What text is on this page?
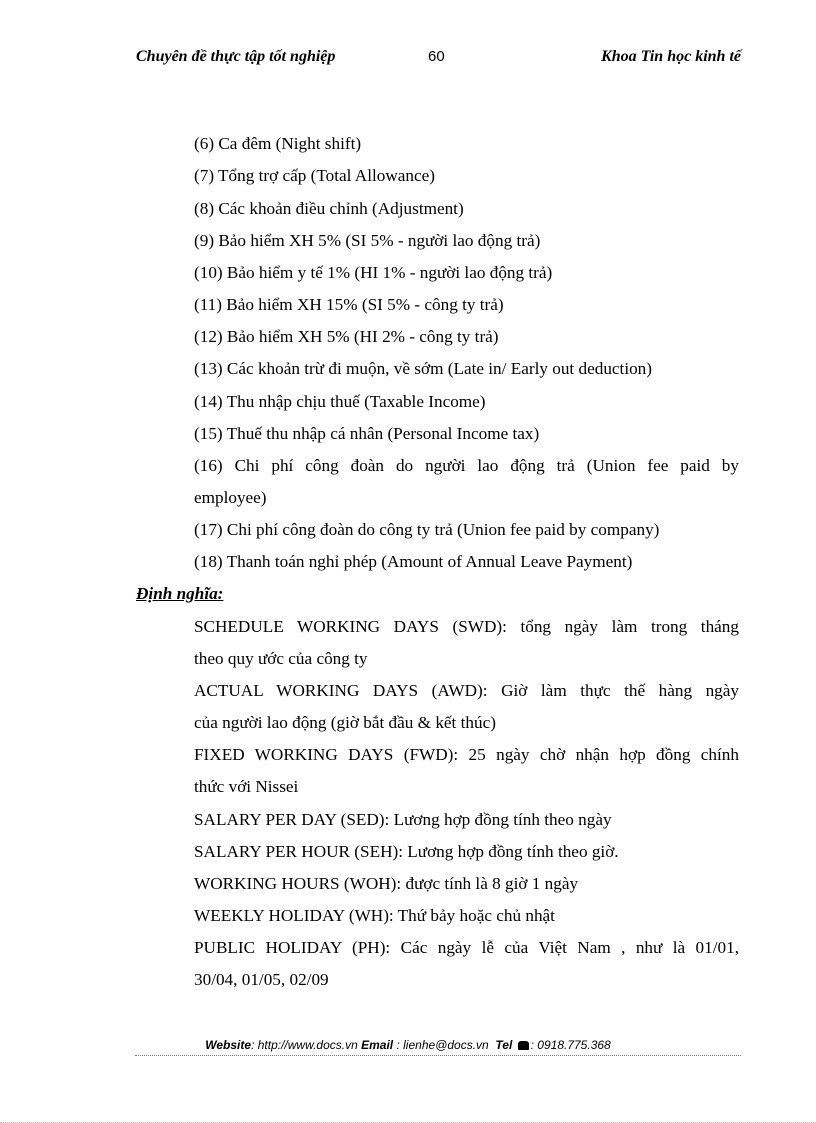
Chuyên đề thực tập tốt nghiệp	60	Khoa Tin học kinh tế
(6) Ca đêm (Night shift)
(7) Tổng trợ cấp (Total Allowance)
(8) Các khoản điều chỉnh (Adjustment)
(9) Bảo hiểm XH 5% (SI 5% - người lao động trả)
(10) Bảo hiểm y tế 1% (HI 1% - người lao động trả)
(11) Bảo hiểm XH 15% (SI 5% - công ty trả)
(12) Bảo hiểm XH 5% (HI 2% - công ty trả)
(13) Các khoản trừ đi muộn, về sớm (Late in/ Early out deduction)
(14) Thu nhập chịu thuế (Taxable Income)
(15) Thuế thu nhập cá nhân (Personal Income tax)
(16) Chi phí công đoàn do người lao động trả (Union fee paid by
employee)
(17) Chi phí công đoàn do công ty trả (Union fee paid by company)
(18) Thanh toán nghỉ phép (Amount of Annual Leave Payment)
Định nghĩa:
SCHEDULE WORKING DAYS (SWD): tổng ngày làm trong tháng
theo quy ước của công ty
ACTUAL WORKING DAYS (AWD): Giờ làm thực thế hàng ngày
của người lao động (giờ bắt đầu & kết thúc)
FIXED WORKING DAYS (FWD): 25 ngày chờ nhận hợp đồng chính
thức với Nissei
SALARY PER DAY (SED): Lương hợp đồng tính theo ngày
SALARY PER HOUR (SEH): Lương hợp đồng tính theo giờ.
WORKING HOURS (WOH): được tính là 8 giờ 1 ngày
WEEKLY HOLIDAY (WH): Thứ bảy hoặc chủ nhật
PUBLIC HOLIDAY (PH): Các ngày lễ của Việt Nam , như là 01/01,
30/04, 01/05, 02/09
Website: http://www.docs.vn Email : lienhe@docs.vn Tel : 0918.775.368
